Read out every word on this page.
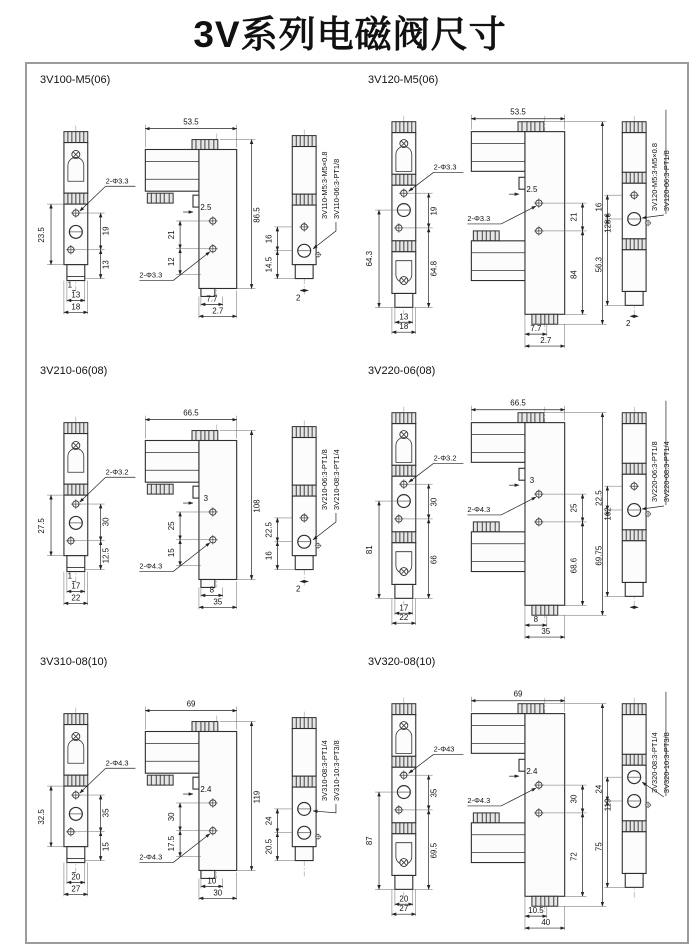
3V系列电磁阀尺寸
3V100-M5(06)
23.5	19
13
1
13
18
2-Φ3.3
53.5
86.5
2.5
21
12
2-Φ3.3
7.7
2.7
16
14.5
2
3V110-M5:3-M5×0.8 3V110-06:3-PT1/8
3V120-M5(06)
64.3
19
64.8
13
18
2-Φ3.3
53.5
128.6
2.5
21
84
2-Φ3.3
7.7
2.7
16
56.3
2
3V120-M5:3-M5×0.8 3V120-06:3-PT1/8
3V210-06(08)
27.5	30
12.5
1
17
22
2-Φ3.2
66.5
108
3
25
15
2-Φ4.3
8
35
22.5
16
2
3V210-06:3-PT1/8 3V210-08:3-PT1/4
3V220-06(08)
81
30
66
17
22
2-Φ3.2
66.5
162
3
25
68.6
2-Φ4.3
8
35
22.5
69.75
3V220-06:3-PT1/8 3V220-08:3-PT1/4
3V310-08(10)
32.5	35
15
20
27
2-Φ4.3
69
119
2.4
30
17.5
2-Φ4.3
10
30
24
20.5
3V310-08:3-PT1/4 3V310-10:3-PT3/8
3V320-08(10)
87
35
69.5
20
27
2-Φ43
69
119
2.4
30
72
2-Φ4.3
10.5
40
24
75
3V320-08:3-PT1/4 3V320-10:3-PT3/8
